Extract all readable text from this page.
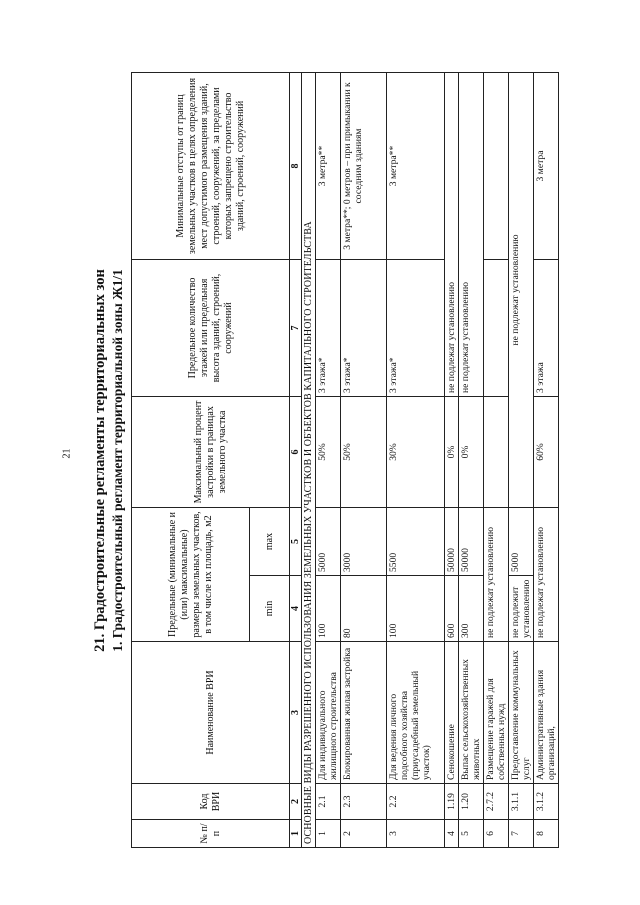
21 21. Градостроительные регламенты территориальных зон 1. Градостроительный регламент территориальной зоны Ж1/1

№ п/п	Код ВРИ	Наименование ВРИ	Предельные (минимальные и (или) максимальные) размеры земельных участков, в том числе их площадь, м2		Максимальный процент застройки в границах земельного участка	Предельное количество этажей или предельная высота зданий, строений, сооружений	Минимальные отступы от границ земельных участков в целях определения мест допустимого размещения зданий, строений, сооружений, за пределами которых запрещено строительство зданий, строений, сооружений
			min	max			
1	2	3	4	5	6	7	8
ОСНОВНЫЕ ВИДЫ РАЗРЕШЕННОГО ИСПОЛЬЗОВАНИЯ ЗЕМЕЛЬНЫХ УЧАСТКОВ И ОБЪЕКТОВ КАПИТАЛЬНОГО СТРОИТЕЛЬСТВА							
1	2.1	Для индивидуального жилищного строительства	100	5000	50%	3 этажа*	3 метра**
2	2.3	Блокированная жилая застройка	80	3000	50%	3 этажа*	3 метра**; 0 метров – при примыкании к соседним зданиям
3	2.2	Для ведения личного подсобного хозяйства (приусадебный земельный участок)	100	5500	30%	3 этажа*	3 метра**
4	1.19	Сенокошение	600	50000	0%	не подлежат установлению	
5	1.20	Выпас сельскохозяйственных животных	300	50000	0%	не подлежат установлению	
6	2.7.2	Размещение гаражей для собственных нужд	не подлежат установлению				
7	3.1.1	Предоставление коммунальных услуг	не подлежит установлению	5000	не подлежат установлению		
8	3.1.2	Административные здания организаций,	не подлежат установлению		60%	3 этажа	3 метра
